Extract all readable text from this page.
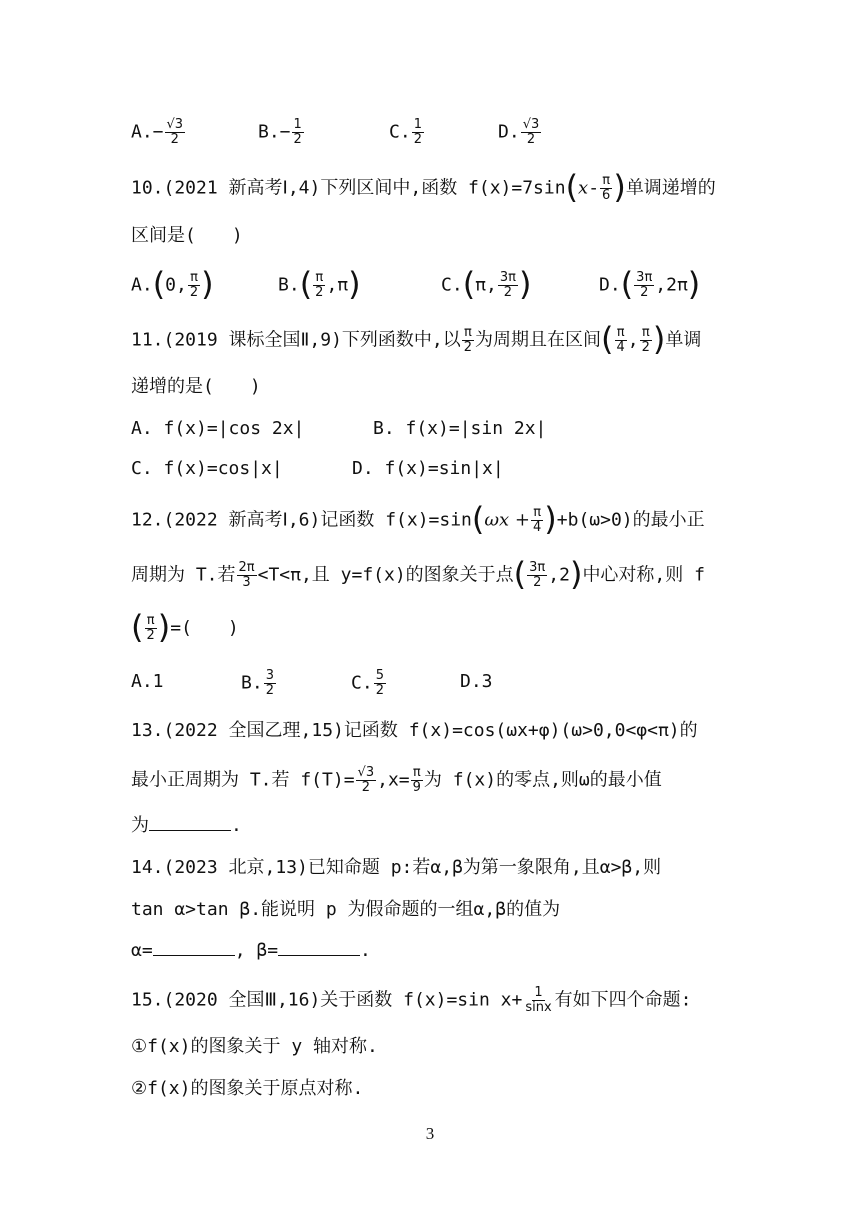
$A.- \frac{√3}{2}$	$B.- \frac{1}{2}$	C. $\frac{1}{2}$	D. $\frac{√3}{2}$
10.(2021 新高考Ⅰ,4)下列区间中,函数 $f(x)=7\sin(x- \frac{\pi}{6}$ )单调递增的
区间是(　　)
A.(0, $\frac{\pi}{2}$ )	$B.( \frac{\pi}{2} ,\pi)$	C.(π, $\frac{3\pi}{2}$ )	$D.( \frac{3\pi}{2} ,2\pi)$
11.(2019 课标全国Ⅱ,9)下列函数中,以 $\frac{\pi}{2}$ 为周期且在区间( $\frac{\pi}{4}$ , $\frac{\pi}{2}$ )单调
递增的是(　　)
A. f(x)=|cos 2x|	B. f(x)=|sin 2x|
C. f(x)=cos|x|	D. f(x)=sin|x|
12.(2022 新高考Ⅰ,6)记函数 $f(x)=\sin(\omega x + \frac{\pi}{4} )+b(\omega>0)$的最小正
周期为 T.若 $\frac{2\pi}{3} <T<\pi$,且 y=f(x)的图象关于点( $\frac{3\pi}{2} ,2$)中心对称,则 f
( $\frac{\pi}{2}$ )=(　　)
A.1	B. $\frac{3}{2}$	C. $\frac{5}{2}$	D.3
13.(2022 全国乙理,15)记函数 f(x)=cos(ωx+φ)(ω>0,0<φ<π)的
最小正周期为 T.若 $f(T)= \frac{√3}{2} ,x= \frac{\pi}{9}$ 为 f(x)的零点,则ω的最小值
为	.
14.(2023 北京,13)已知命题 p:若α,β为第一象限角,且α>β,则
tan α>tan β.能说明 p 为假命题的一组α,β的值为
α=	, β=	.
15.(2020 全国Ⅲ,16)关于函数 f(x)=sin $x+ \frac{1}{\sin x}$ 有如下四个命题:
①f(x)的图象关于 y 轴对称.
②f(x)的图象关于原点对称.
3
